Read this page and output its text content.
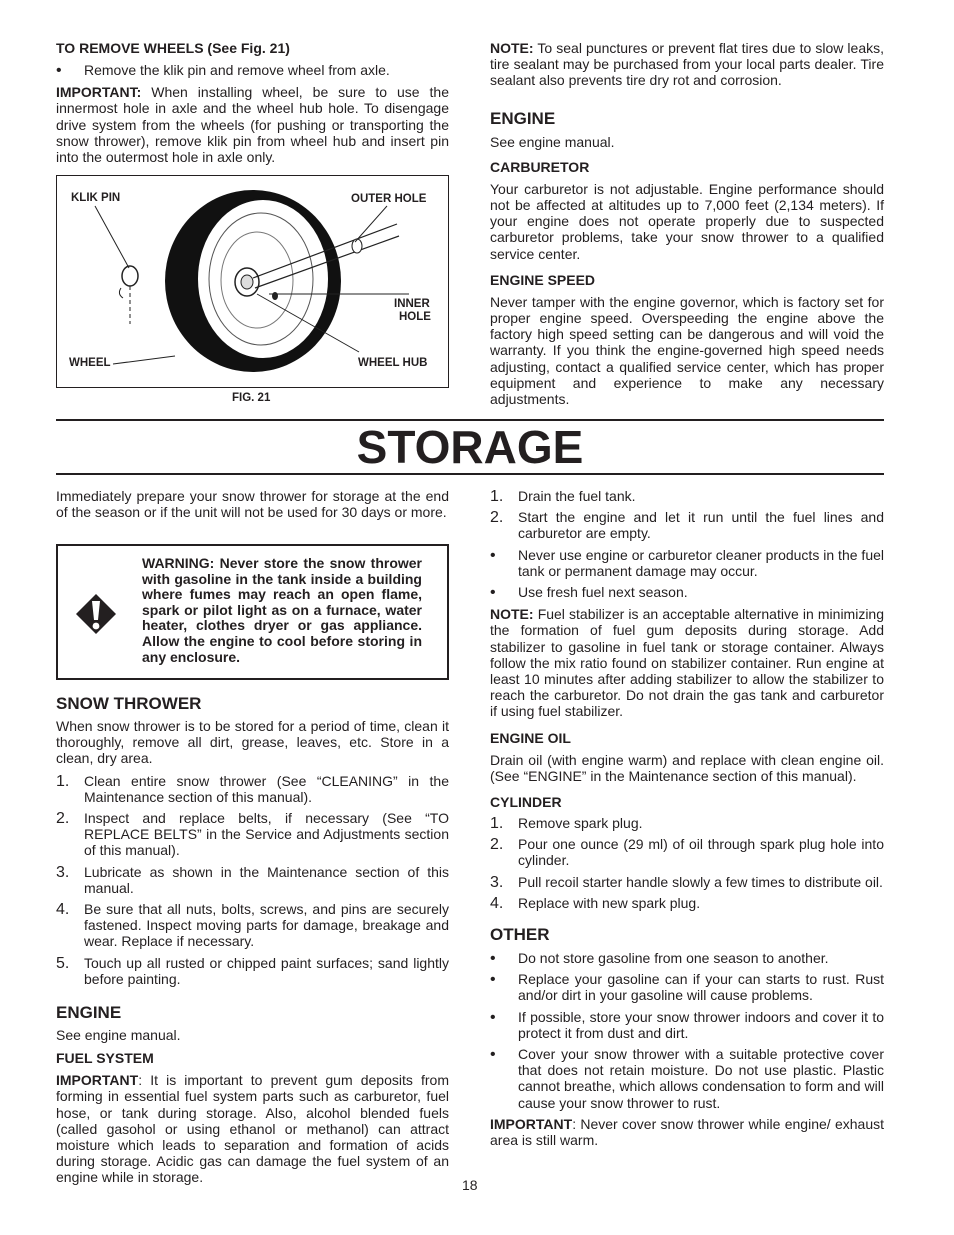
TO REMOVE WHEELS (See Fig. 21)

• Remove the klik pin and remove wheel from axle.

IMPORTANT: When installing wheel, be sure to use the innermost hole in axle and the wheel hub hole. To disengage drive system from the wheels (for pushing or transporting the snow thrower), remove klik pin from wheel hub and insert pin into the outermost hole in axle only.

KLIK PIN	OUTER HOLE
INNER
HOLE
WHEEL	WHEEL HUB
FIG. 21

NOTE: To seal punctures or prevent flat tires due to slow leaks, tire sealant may be purchased from your local parts dealer. Tire sealant also prevents tire dry rot and corrosion.

ENGINE

See engine manual.

CARBURETOR

Your carburetor is not adjustable. Engine performance should not be affected at altitudes up to 7,000 feet (2,134 meters). If your engine does not operate properly due to suspected carburetor problems, take your snow thrower to a qualified service center.

ENGINE SPEED

Never tamper with the engine governor, which is factory set for proper engine speed. Overspeeding the engine above the factory high speed setting can be dangerous and will void the warranty. If you think the engine-governed high speed needs adjusting, contact a qualified service center, which has proper equipment and experience to make any necessary adjustments.

STORAGE

Immediately prepare your snow thrower for storage at the end of the season or if the unit will not be used for 30 days or more.

WARNING: Never store the snow thrower with gasoline in the tank inside a building where fumes may reach an open flame, spark or pilot light as on a furnace, water heater, clothes dryer or gas appliance. Allow the engine to cool before storing in any enclosure.

SNOW THROWER

When snow thrower is to be stored for a period of time, clean it thoroughly, remove all dirt, grease, leaves, etc. Store in a clean, dry area.

1. Clean entire snow thrower (See “CLEANING” in the Maintenance section of this manual).

2. Inspect and replace belts, if necessary (See “TO REPLACE BELTS” in the Service and Adjustments section of this manual).

3. Lubricate as shown in the Maintenance section of this manual.

4. Be sure that all nuts, bolts, screws, and pins are securely fastened. Inspect moving parts for damage, breakage and wear. Replace if necessary.

5. Touch up all rusted or chipped paint surfaces; sand lightly before painting.

ENGINE

See engine manual.

FUEL SYSTEM

IMPORTANT: It is important to prevent gum deposits from forming in essential fuel system parts such as carburetor, fuel hose, or tank during storage. Also, alcohol blended fuels (called gasohol or using ethanol or methanol) can attract moisture which leads to separation and formation of acids during storage. Acidic gas can damage the fuel system of an engine while in storage.

1. Drain the fuel tank.

2. Start the engine and let it run until the fuel lines and carburetor are empty.

• Never use engine or carburetor cleaner products in the fuel tank or permanent damage may occur.

• Use fresh fuel next season.

NOTE: Fuel stabilizer is an acceptable alternative in minimizing the formation of fuel gum deposits during storage. Add stabilizer to gasoline in fuel tank or storage container. Always follow the mix ratio found on stabilizer container. Run engine at least 10 minutes after adding stabilizer to allow the stabilizer to reach the carburetor. Do not drain the gas tank and carburetor if using fuel stabilizer.

ENGINE OIL

Drain oil (with engine warm) and replace with clean engine oil. (See “ENGINE” in the Maintenance section of this manual).

CYLINDER

1. Remove spark plug.

2. Pour one ounce (29 ml) of oil through spark plug hole into cylinder.

3. Pull recoil starter handle slowly a few times to distribute oil.

4. Replace with new spark plug.

OTHER

• Do not store gasoline from one season to another.

• Replace your gasoline can if your can starts to rust. Rust and/or dirt in your gasoline will cause problems.

• If possible, store your snow thrower indoors and cover it to protect it from dust and dirt.

• Cover your snow thrower with a suitable protective cover that does not retain moisture. Do not use plastic. Plastic cannot breathe, which allows condensation to form and will cause your snow thrower to rust.

IMPORTANT: Never cover snow thrower while engine/ exhaust area is still warm.

18
